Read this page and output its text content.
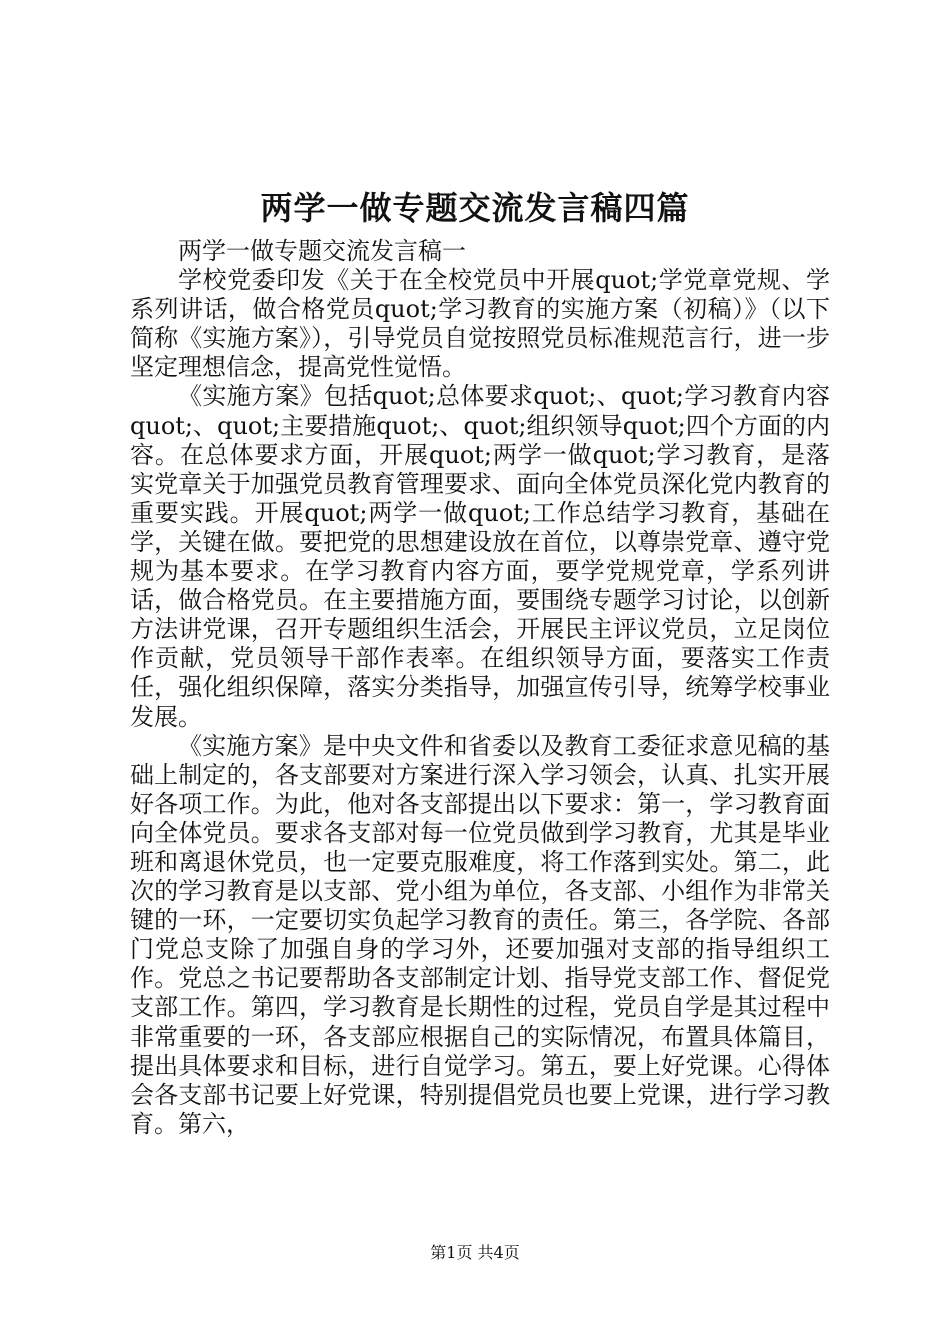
两学一做专题交流发言稿四篇

两学一做专题交流发言稿一

学校党委印发《关于在全校党员中开展quot;学党章党规、学系列讲话，做合格党员quot;学习教育的实施方案（初稿）》（以下简称《实施方案》），引导党员自觉按照党员标准规范言行，进一步坚定理想信念，提高党性觉悟。

《实施方案》包括quot;总体要求quot;、quot;学习教育内容quot;、quot;主要措施quot;、quot;组织领导quot;四个方面的内容。在总体要求方面，开展quot;两学一做quot;学习教育，是落实党章关于加强党员教育管理要求、面向全体党员深化党内教育的重要实践。开展quot;两学一做quot;工作总结学习教育，基础在学，关键在做。要把党的思想建设放在首位，以尊崇党章、遵守党规为基本要求。在学习教育内容方面，要学党规党章，学系列讲话，做合格党员。在主要措施方面，要围绕专题学习讨论，以创新方法讲党课，召开专题组织生活会，开展民主评议党员，立足岗位作贡献，党员领导干部作表率。在组织领导方面，要落实工作责任，强化组织保障，落实分类指导，加强宣传引导，统筹学校事业发展。

《实施方案》是中央文件和省委以及教育工委征求意见稿的基础上制定的，各支部要对方案进行深入学习领会，认真、扎实开展好各项工作。为此，他对各支部提出以下要求：第一，学习教育面向全体党员。要求各支部对每一位党员做到学习教育，尤其是毕业班和离退休党员，也一定要克服难度，将工作落到实处。第二，此次的学习教育是以支部、党小组为单位，各支部、小组作为非常关键的一环，一定要切实负起学习教育的责任。第三，各学院、各部门党总支除了加强自身的学习外，还要加强对支部的指导组织工作。党总之书记要帮助各支部制定计划、指导党支部工作、督促党支部工作。第四，学习教育是长期性的过程，党员自学是其过程中非常重要的一环，各支部应根据自己的实际情况，布置具体篇目，提出具体要求和目标，进行自觉学习。第五，要上好党课。心得体会各支部书记要上好党课，特别提倡党员也要上党课，进行学习教育。第六，

第1页 共4页
